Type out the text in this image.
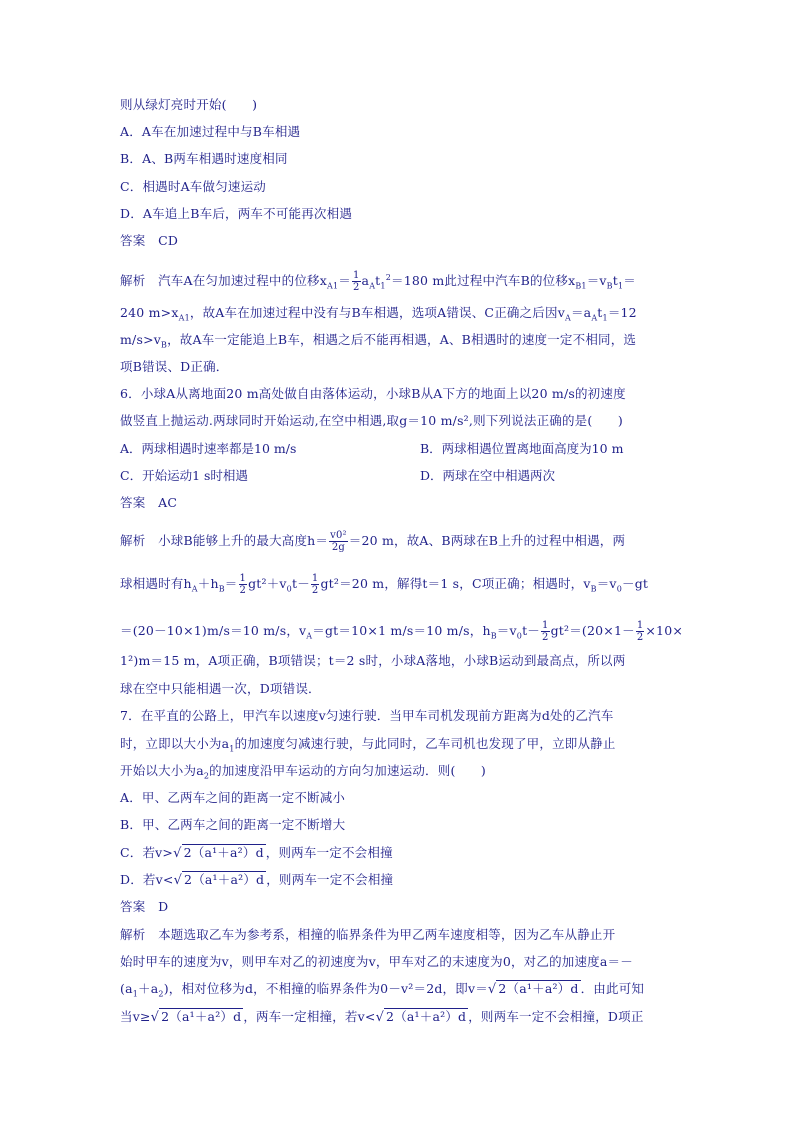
则从绿灯亮时开始(　　)
A．A车在加速过程中与B车相遇
B．A、B两车相遇时速度相同
C．相遇时A车做匀速运动
D．A车追上B车后，两车不可能再次相遇
答案　CD
解析　汽车A在匀加速过程中的位移$x_{A1}= \frac{1}{2} a_At_1^2=180$ m此过程中汽车B的位移$x_{B1}=v_Bt_1=$
240 $m>x_{A1}$，故A车在加速过程中没有与B车相遇，选项A错误、C正确之后因$v_A=a_At_1=12$
$m/s>v_B$，故A车一定能追上B车，相遇之后不能再相遇，A、B相遇时的速度一定不相同，选
项B错误、D正确．
6．小球A从离地面20 m高处做自由落体运动，小球B从A下方的地面上以20 m/s的初速度
做竖直上抛运动.两球同时开始运动,在空中相遇,取g＝10 m/s²,则下列说法正确的是(　　)
A．两球相遇时速率都是10 m/s	B．两球相遇位置离地面高度为10 m
C．开始运动1 s时相遇	D．两球在空中相遇两次
答案　AC
解析　小球B能够上升的最大高度$h= \frac{\text{v0²}}{2g} =20$ m，故A、B两球在B上升的过程中相遇，两
球相遇时有$h_A+h_B= \frac{1}{2} gt^2+v_0t- \frac{1}{2} gt^2=20$ m，解得t＝1 s，C项正确；相遇时，$v_B=v_0-gt$
＝(20－10×1)m/s＝10 m/s，$v_A=gt=10\times 1$ m/s＝10 m/s，$h_B=v_0t- \frac{1}{2} gt^2=(20\times 1- \frac{1}{2} \times 10\times$
1²)m＝15 m，A项正确，B项错误；t＝2 s时，小球A落地，小球B运动到最高点，所以两
球在空中只能相遇一次，D项错误．
7．在平直的公路上，甲汽车以速度v匀速行驶．当甲车司机发现前方距离为d处的乙汽车
时，立即以大小为$a_1$的加速度匀减速行驶，与此同时，乙车司机也发现了甲，立即从静止
开始以大小为$a_2$的加速度沿甲车运动的方向匀加速运动．则(　　)
A．甲、乙两车之间的距离一定不断减小
B．甲、乙两车之间的距离一定不断增大
C．若v>√ 2（a¹＋a²）d ，则两车一定不会相撞
D．若v<√ 2（a¹＋a²）d ，则两车一定不会相撞
答案　D
解析　本题选取乙车为参考系，相撞的临界条件为甲乙两车速度相等，因为乙车从静止开
始时甲车的速度为v，则甲车对乙的初速度为v，甲车对乙的末速度为0，对乙的加速度a＝－
$(a_1+a_2)$，相对位移为d，不相撞的临界条件为0－v²＝2d，即v＝√ 2（a¹＋a²）d ．由此可知
当v≥√ 2（a¹＋a²）d ，两车一定相撞，若v<√ 2（a¹＋a²）d ，则两车一定不会相撞，D项正
